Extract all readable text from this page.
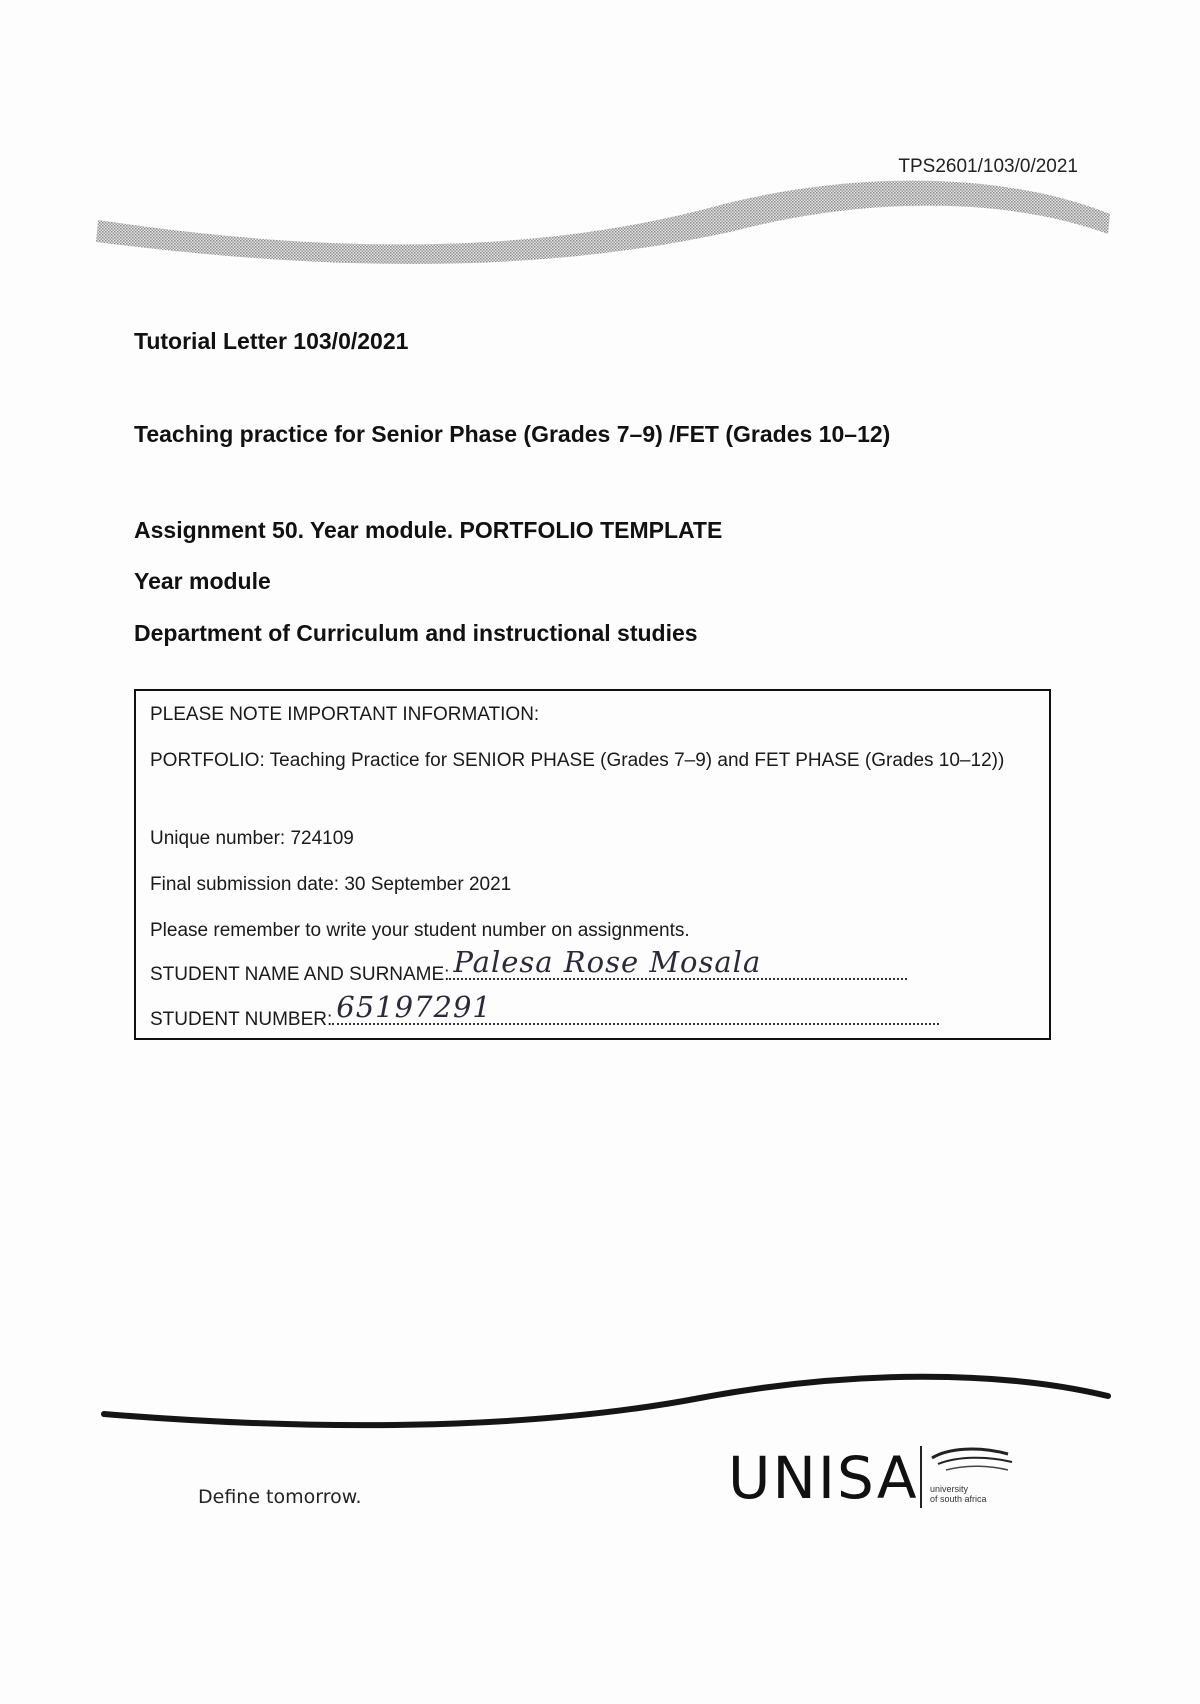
TPS2601/103/0/2021
Tutorial Letter 103/0/2021
Teaching practice for Senior Phase (Grades 7–9) /FET (Grades 10–12)
Assignment 50. Year module. PORTFOLIO TEMPLATE
Year module
Department of Curriculum and instructional studies
PLEASE NOTE IMPORTANT INFORMATION:
PORTFOLIO: Teaching Practice for SENIOR PHASE (Grades 7–9) and FET PHASE (Grades 10–12))
Unique number: 724109
Final submission date: 30 September 2021
Please remember to write your student number on assignments.
STUDENT NAME AND SURNAME: Palesa Rose Mosala
STUDENT NUMBER: 65197291
Define tomorrow.	UNISA university
of south africa
